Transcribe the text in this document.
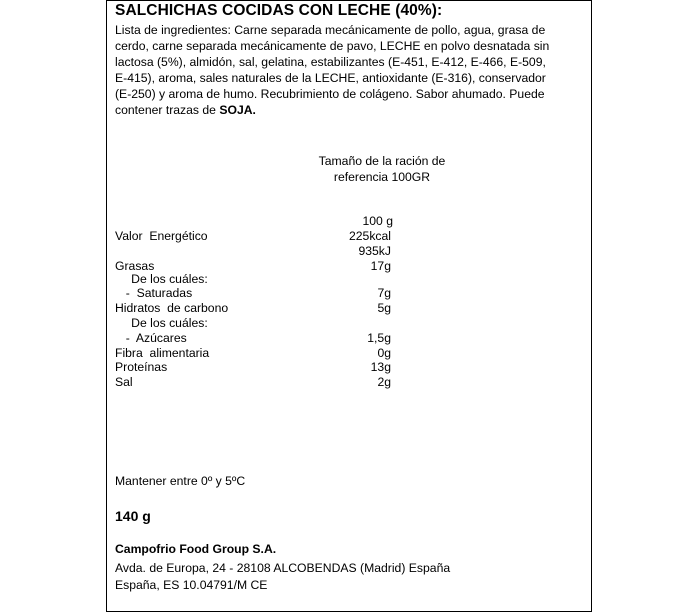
SALCHICHAS COCIDAS CON LECHE (40%):
Lista de ingredientes: Carne separada mecánicamente de pollo, agua, grasa de
cerdo, carne separada mecánicamente de pavo, LECHE en polvo desnatada sin
lactosa (5%), almidón, sal, gelatina, estabilizantes (E-451, E-412, E-466, E-509,
E-415), aroma, sales naturales de la LECHE, antioxidante (E-316), conservador
(E-250) y aroma de humo. Recubrimiento de colágeno. Sabor ahumado. Puede
contener trazas de SOJA.
Tamaño de la ración de
referencia 100GR
100 g
Valor  Energético	225kcal
935kJ
Grasas	17g
De los cuáles:
-  Saturadas	7g
Hidratos  de carbono	5g
De los cuáles:
-  Azúcares	1,5g
Fibra  alimentaria	0g
Proteínas	13g
Sal	2g
Mantener entre 0º y 5ºC
140 g
Campofrio Food Group S.A.
Avda. de Europa, 24 - 28108 ALCOBENDAS (Madrid) España
España, ES 10.04791/M CE
